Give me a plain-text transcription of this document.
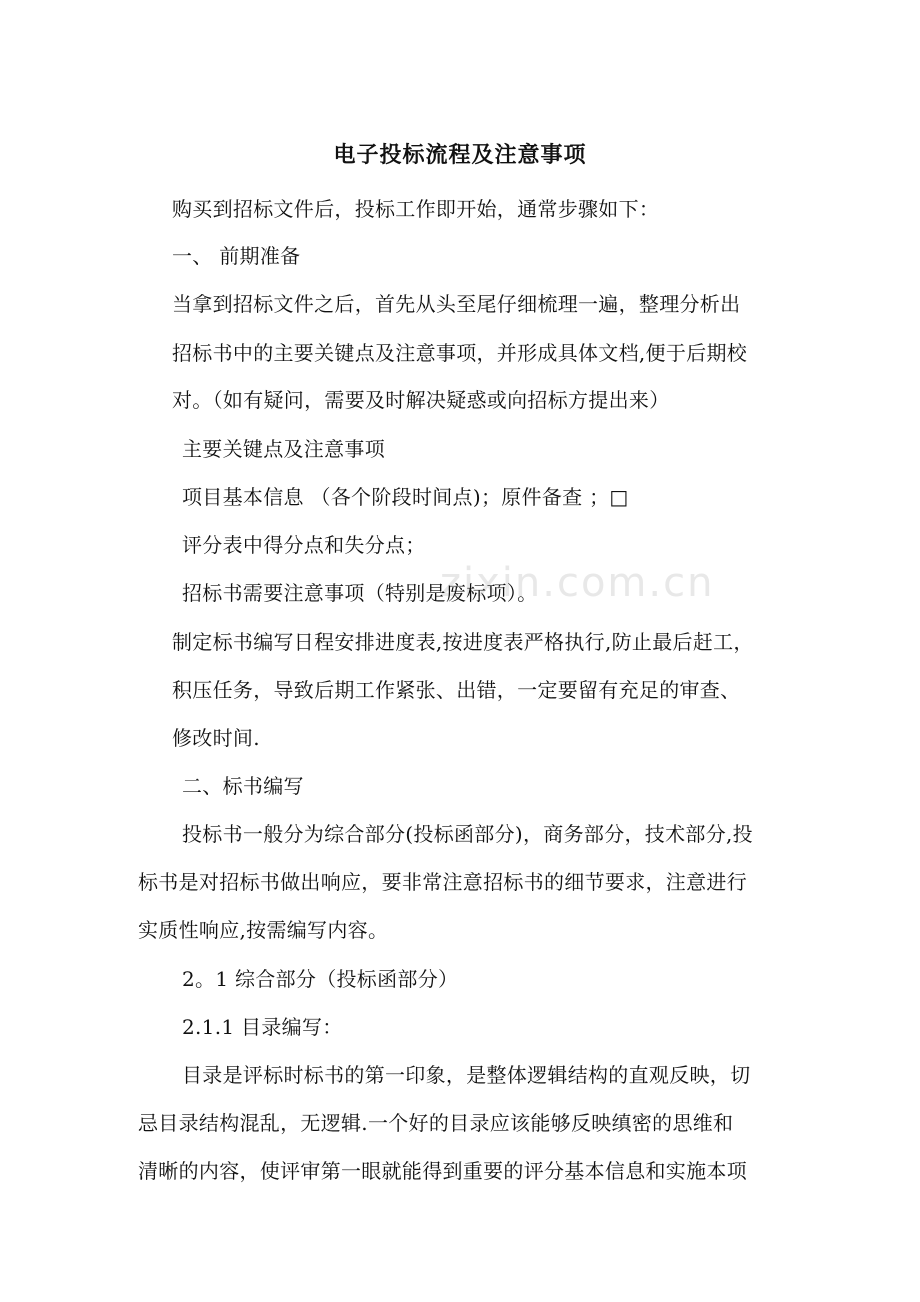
zixin.com.cn
电子投标流程及注意事项
购买到招标文件后，投标工作即开始，通常步骤如下：
一、 前期准备
当拿到招标文件之后，首先从头至尾仔细梳理一遍，整理分析出
招标书中的主要关键点及注意事项，并形成具体文档,便于后期校
对。（如有疑问，需要及时解决疑惑或向招标方提出来）
主要关键点及注意事项
项目基本信息 （各个阶段时间点)；原件备查 ；□
评分表中得分点和失分点；
招标书需要注意事项（特别是废标项）。
制定标书编写日程安排进度表,按进度表严格执行,防止最后赶工，
积压任务，导致后期工作紧张、出错，一定要留有充足的审查、
修改时间.
二、标书编写
投标书一般分为综合部分(投标函部分)，商务部分，技术部分,投
标书是对招标书做出响应，要非常注意招标书的细节要求，注意进行
实质性响应,按需编写内容。
2。1 综合部分（投标函部分）
2.1.1 目录编写：
目录是评标时标书的第一印象，是整体逻辑结构的直观反映，切
忌目录结构混乱，无逻辑.一个好的目录应该能够反映缜密的思维和
清晰的内容，使评审第一眼就能得到重要的评分基本信息和实施本项
